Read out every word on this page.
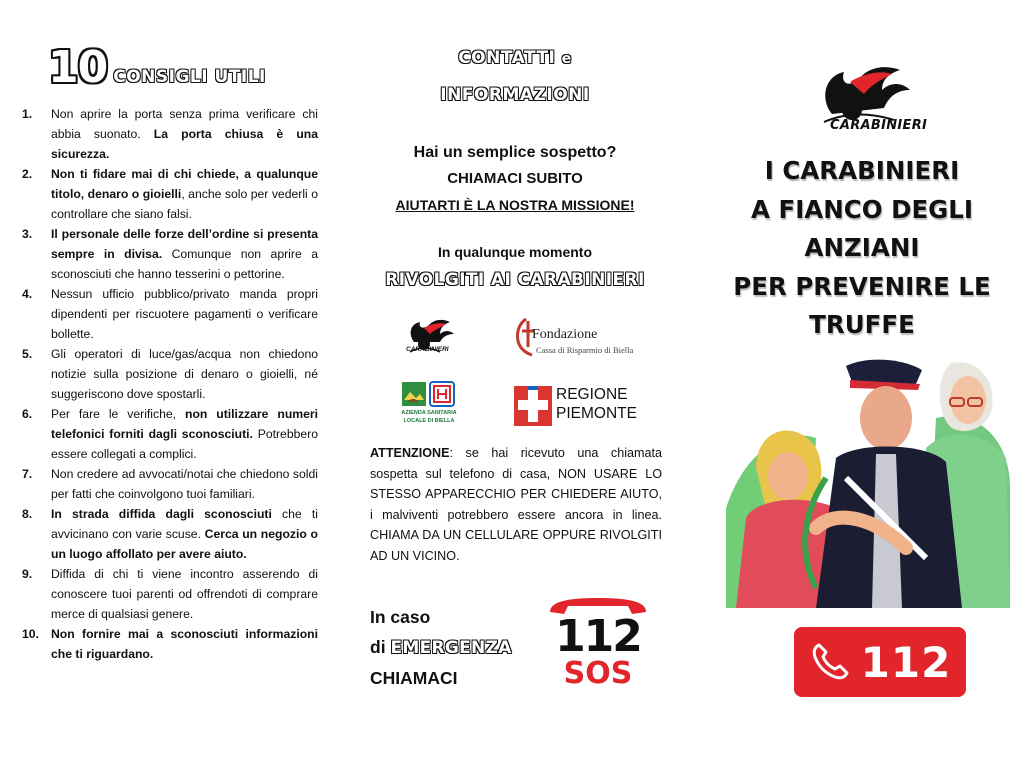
10 CONSIGLI UTILI
1.	Non aprire la porta senza prima verificare chi abbia suonato. La porta chiusa è una sicurezza.
2.	Non ti fidare mai di chi chiede, a qualunque titolo, denaro o gioielli, anche solo per vederli o controllare che siano falsi.
3.	Il personale delle forze dell’ordine si presenta sempre in divisa. Comunque non aprire a sconosciuti che hanno tesserini o pettorine.
4.	Nessun ufficio pubblico/privato manda propri dipendenti per riscuotere pagamenti o verificare bollette.
5.	Gli operatori di luce/gas/acqua non chiedono notizie sulla posizione di denaro o gioielli, né suggeriscono dove spostarli.
6.	Per fare le verifiche, non utilizzare numeri telefonici forniti dagli sconosciuti. Potrebbero essere collegati a complici.
7.	Non credere ad avvocati/notai che chiedono soldi per fatti che coinvolgono tuoi familiari.
8.	In strada diffida dagli sconosciuti che ti avvicinano con varie scuse. Cerca un negozio o un luogo affollato per avere aiuto.
9.	Diffida di chi ti viene incontro asserendo di conoscere tuoi parenti od offrendoti di comprare merce di qualsiasi genere.
10. Non fornire mai a sconosciuti informazioni che ti riguardano.
CONTATTI e
INFORMAZIONI
Hai un semplice sospetto?
CHIAMACI SUBITO
AIUTARTI È LA NOSTRA MISSIONE!
In qualunque momento
RIVOLGITI AI CARABINIERI
CARABINIERI
Fondazione
Cassa di Risparmio di Biella
AZIENDA SANITARIA
LOCALE DI BIELLA
REGIONE
PIEMONTE
ATTENZIONE: se hai ricevuto una chiamata sospetta sul telefono di casa, NON USARE LO STESSO APPARECCHIO PER CHIEDERE AIUTO, i malviventi potrebbero essere ancora in linea. CHIAMA DA UN CELLULARE OPPURE RIVOLGITI AD UN VICINO.
In caso
di EMERGENZA
CHIAMACI
112
SOS
CARABINIERI
I CARABINIERI
A FIANCO DEGLI
ANZIANI
PER PREVENIRE LE
TRUFFE
112
